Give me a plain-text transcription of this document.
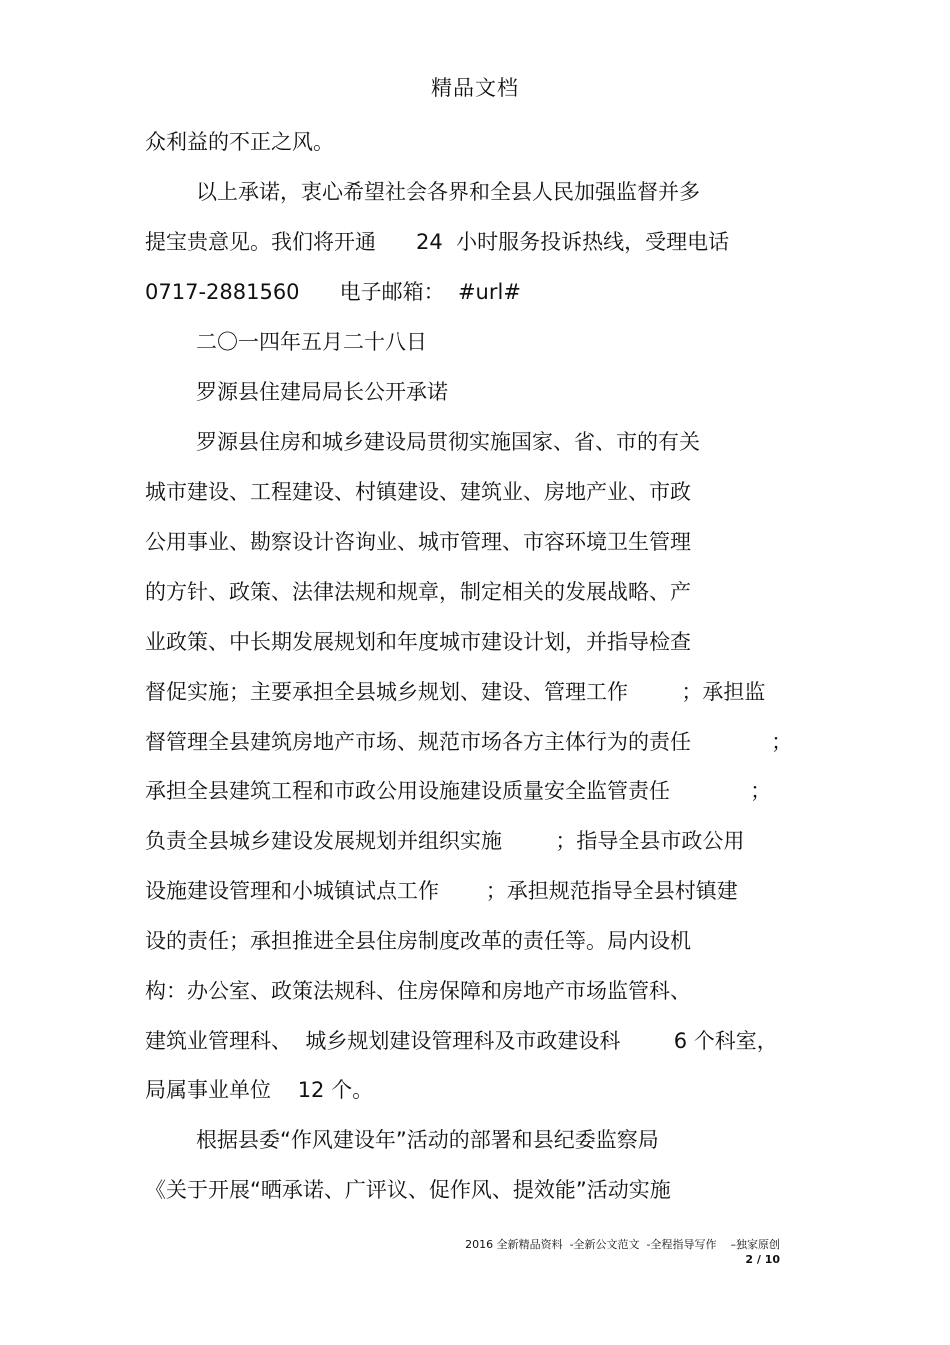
精品文档
众利益的不正之风。
以上承诺，衷心希望社会各界和全县人民加强监督并多
提宝贵意见。我们将开通      24  小时服务投诉热线，受理电话
0717-2881560      电子邮箱：  #url#
二〇一四年五月二十八日
罗源县住建局局长公开承诺
罗源县住房和城乡建设局贯彻实施国家、省、市的有关
城市建设、工程建设、村镇建设、建筑业、房地产业、市政
公用事业、勘察设计咨询业、城市管理、市容环境卫生管理
的方针、政策、法律法规和规章，制定相关的发展战略、产
业政策、中长期发展规划和年度城市建设计划，并指导检查
督促实施；主要承担全县城乡规划、建设、管理工作        ；承担监
督管理全县建筑房地产市场、规范市场各方主体行为的责任            ；
承担全县建筑工程和市政公用设施建设质量安全监管责任            ；
负责全县城乡建设发展规划并组织实施        ；指导全县市政公用
设施建设管理和小城镇试点工作       ；承担规范指导全县村镇建
设的责任；承担推进全县住房制度改革的责任等。局内设机
构：办公室、政策法规科、住房保障和房地产市场监管科、
建筑业管理科、  城乡规划建设管理科及市政建设科        6 个科室，
局属事业单位    12 个。
根据县委“作风建设年”活动的部署和县纪委监察局
《关于开展“晒承诺、广评议、促作风、提效能”活动实施
2016 全新精品资料  -全新公文范文  -全程指导写作    –独家原创
2 / 10
